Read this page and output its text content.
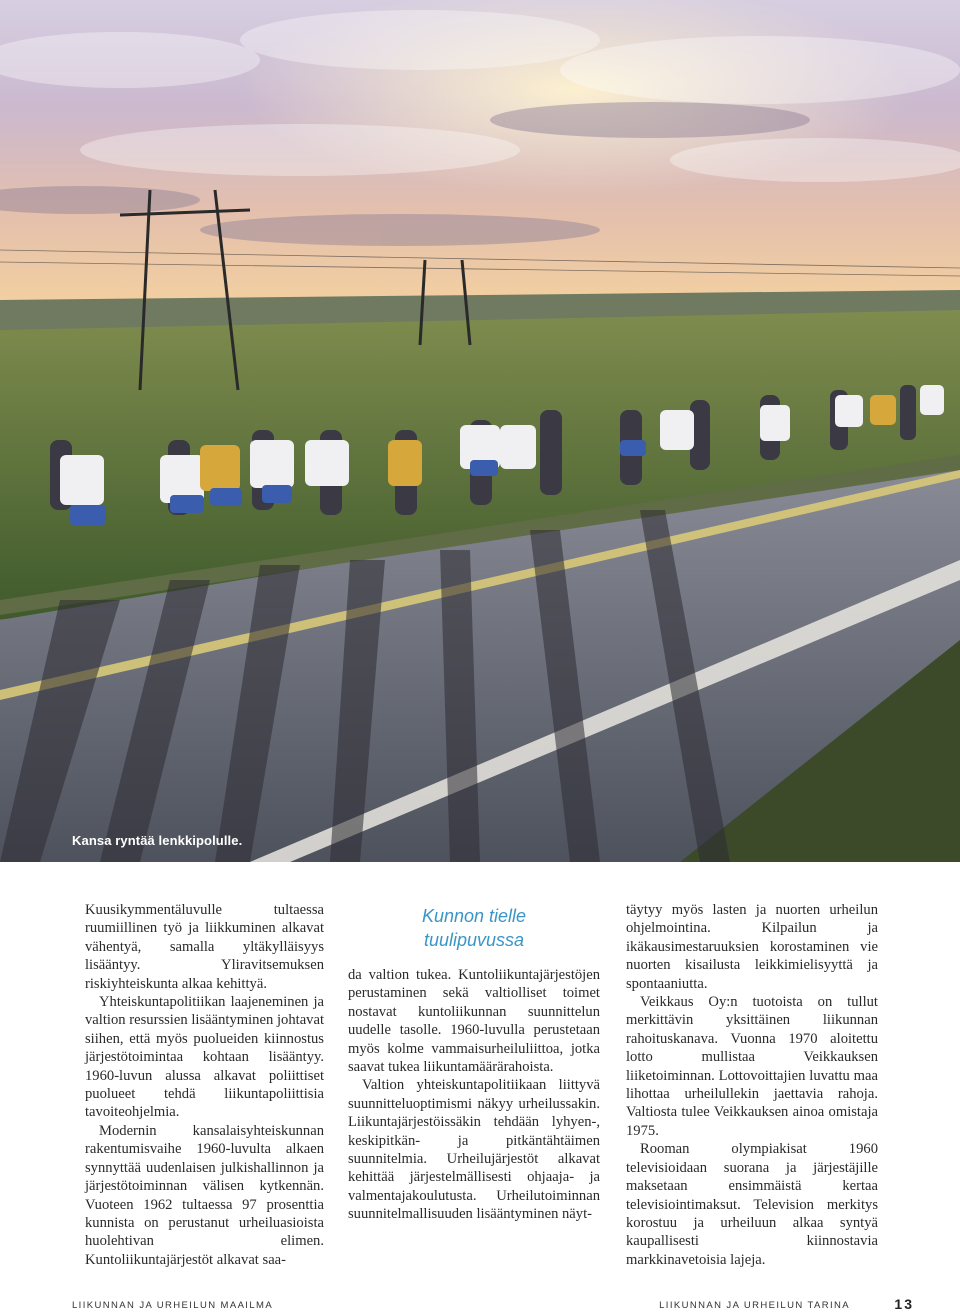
Kansa ryntää lenkkipolulle.

Kuusikymmentäluvulle tultaessa ruumiillinen työ ja liikkuminen alkavat vähentyä, samalla yltäkylläisyys lisääntyy. Yliravitsemuksen riskiyhteiskunta alkaa kehittyä.

Yhteiskuntapolitiikan laajeneminen ja valtion resurssien lisääntyminen johtavat siihen, että myös puolueiden kiinnostus järjestötoimintaa kohtaan lisääntyy. 1960-luvun alussa alkavat poliittiset puolueet tehdä liikuntapoliittisia tavoiteohjelmia.

Modernin kansalaisyhteiskunnan rakentumisvaihe 1960-luvulta alkaen synnyttää uudenlaisen julkishallinnon ja järjestötoiminnan välisen kytkennän. Vuoteen 1962 tultaessa 97 prosenttia kunnista on perustanut urheiluasioista huolehtivan elimen. Kuntoliikuntajärjestöt alkavat saa-

Kunnon tielle
tuulipuvussa

da valtion tukea. Kuntoliikuntajärjestöjen perustaminen sekä valtiolliset toimet nostavat kuntoliikunnan suunnittelun uudelle tasolle. 1960-luvulla perustetaan myös kolme vammaisurheiluliittoa, jotka saavat tukea liikuntamäärärahoista.

Valtion yhteiskuntapolitiikaan liittyvä suunnitteluoptimismi näkyy urheilussakin. Liikuntajärjestöissäkin tehdään lyhyen-, keskipitkän- ja pitkäntähtäimen suunnitelmia. Urheilujärjestöt alkavat kehittää järjestelmällisesti ohjaaja- ja valmentajakoulutusta. Urheilutoiminnan suunnitelmallisuuden lisääntyminen näyt-

täytyy myös lasten ja nuorten urheilun ohjelmointina. Kilpailun ja ikäkausimestaruuksien korostaminen vie nuorten kisailusta leikkimielisyyttä ja spontaaniutta.

Veikkaus Oy:n tuotoista on tullut merkittävin yksittäinen liikunnan rahoituskanava. Vuonna 1970 aloitettu lotto mullistaa Veikkauksen liiketoiminnan. Lottovoittajien luvattu maa lihottaa urheilullekin jaettavia rahoja. Valtiosta tulee Veikkauksen ainoa omistaja 1975.

Rooman olympiakisat 1960 televisioidaan suorana ja järjestäjille maksetaan ensimmäistä kertaa televisiointimaksut. Television merkitys korostuu ja urheiluun alkaa syntyä kaupallisesti kiinnostavia markkinavetoisia lajeja.

LIIKUNNAN JA URHEILUN MAAILMA	LIIKUNNAN JA URHEILUN TARINA	13
